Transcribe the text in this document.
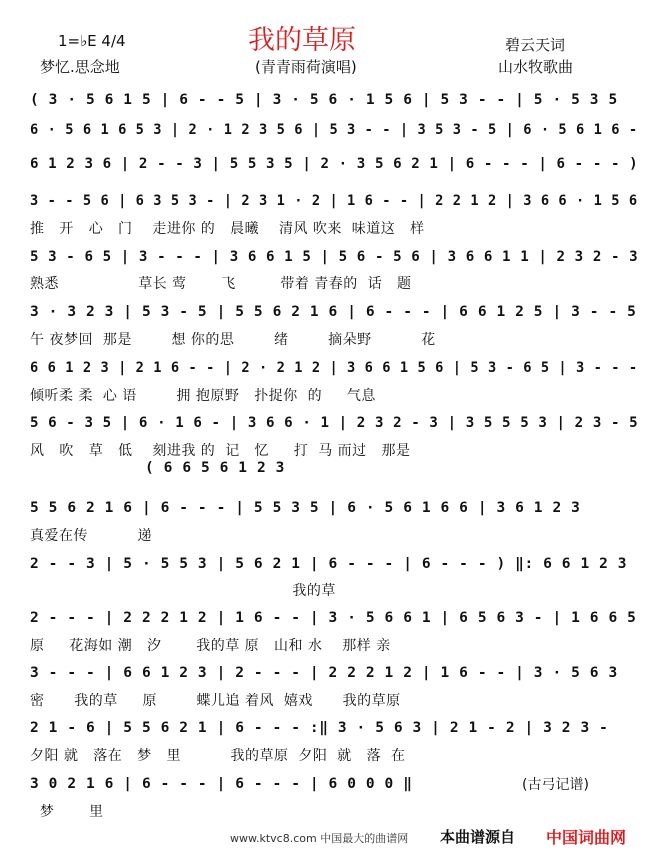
我的草原
1=♭E 4/4	碧云天词
梦忆.思念地	(青青雨荷演唱)	山水牧歌曲
( 3 · 5 6 1 5 | 6 - - 5 | 3 · 5 6 · 1 5 6 | 5 3 - - | 5 · 5 3 5
6 · 5 6 1 6 5 3 | 2 · 1 2 3 5 6 | 5 3 - - | 3 5 3 - 5 | 6 · 5 6 1 6 -
6 1 2 3 6 | 2 - - 3 | 5 5 3 5 | 2 · 3 5 6 2 1 | 6 - - - | 6 - - - )
3 - - 5 6 | 6 3 5 3 - | 2 3 1 · 2 | 1 6 - - | 2 2 1 2 | 3 6 6 · 1 5 6
推   开   心   门    走进你 的   晨曦    清风 吹来  味道这   样
5 3 - 6 5 | 3 - - - | 3 6 6 1 5 | 5 6 - 5 6 | 3 6 6 1 1 | 2 3 2 - 3
熟悉                草长 莺       飞         带着 青春的  话   题
3 · 3 2 3 | 5 3 - 5 | 5 5 6 2 1 6 | 6 - - - | 6 6 1 2 5 | 3 - - 5
午 夜梦回  那是        想 你的思        绪        摘朵野          花
6 6 1 2 3 | 2 1 6 - - | 2 · 2 1 2 | 3 6 6 1 5 6 | 5 3 - 6 5 | 3 - - -
倾听柔 柔  心 语        拥 抱原野   扑捉你  的     气息
5 6 - 3 5 | 6 · 1 6 - | 3 6 6 · 1 | 2 3 2 - 3 | 3 5 5 5 3 | 2 3 - 5
风   吹   草   低    刻进我 的  记   忆     打  马 而过   那是
( 6 6 5 6 1 2 3
5 5 6 2 1 6 | 6 - - - | 5 5 3 5 | 6 · 5 6 1 6 6 | 3 6 1 2 3
真爱在传          递
2 - - 3 | 5 · 5 5 3 | 5 6 2 1 | 6 - - - | 6 - - - ) ‖: 6 6 1 2 3
我的草
2 - - - | 2 2 2 1 2 | 1 6 - - | 3 · 5 6 6 1 | 6 5 6 3 - | 1 6 6 5
原     花海如 潮   汐       我的草 原   山和 水    那样 亲
3 - - - | 6 6 1 2 3 | 2 - - - | 2 2 2 1 2 | 1 6 - - | 3 · 5 6 3
密      我的草     原        蝶儿追 着风  嬉戏      我的草原
2 1 - 6 | 5 5 6 2 1 | 6 - - - :‖ 3 · 5 6 3 | 2 1 - 2 | 3 2 3 -
夕阳 就   落在   梦   里          我的草原  夕阳  就   落  在
3 0 2 1 6 | 6 - - - | 6 - - - | 6 0 0 0 ‖
梦       里
(古弓记谱)
www.ktvc8.com 中国最大的曲谱网 本曲谱源自 中国词曲网
